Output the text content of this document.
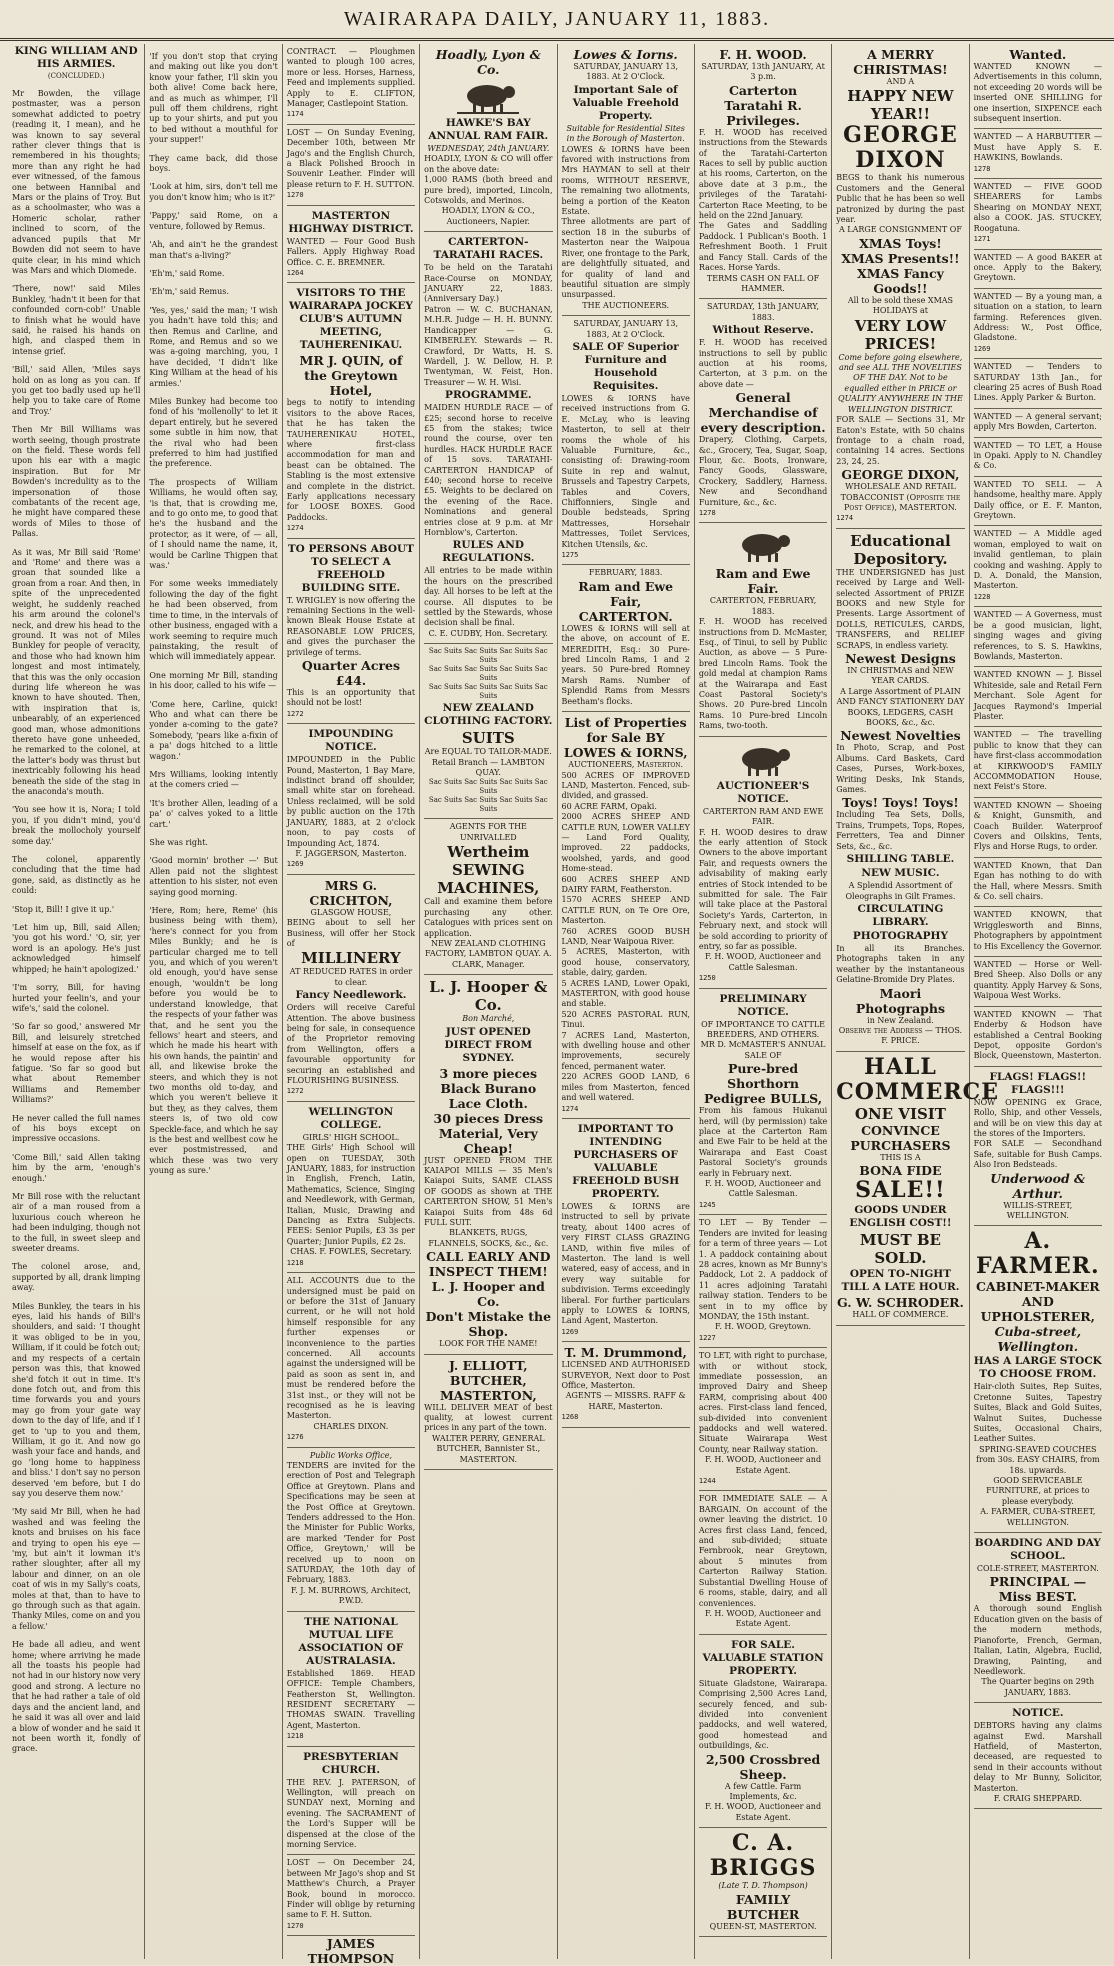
WAIRARAPA DAILY, JANUARY 11, 1883.
KING WILLIAM AND HIS ARMIES.
(CONCLUDED.)

Mr Bowden, the village postmaster, was a person somewhat addicted to poetry (reading it, I mean), and he was known to say several rather clever things that is remembered in his thoughts; more than any right he had ever witnessed, of the famous one between Hannibal and Mars or the plains of Troy. But as a schoolmaster, who was a Homeric scholar, rather inclined to scorn, of the advanced pupils that Mr Bowden did not seem to have quite clear, in his mind which was Mars and which Diomede.

'There, now!' said Miles Bunkley, 'hadn't it been for that confounded corn-cob!' Unable to finish what he would have said, he raised his hands on high, and clasped them in intense grief.

'Bill,' said Allen, 'Miles says hold on as long as you can. If you get too badly used up he'll help you to take care of Rome and Troy.'

Then Mr Bill Williams was worth seeing, though prostrate on the field. These words fell upon his ear with a magic inspiration. But for Mr Bowden's incredulity as to the impersonation of those combatants of the recent age, he might have compared these words of Miles to those of Pallas.

As it was, Mr Bill said 'Rome' and 'Rome' and there was a groan that sounded like a groan from a roar. And then, in spite of the unprecedented weight, he suddenly reached his arm around the colonel's neck, and drew his head to the ground. It was not of Miles Bunkley for people of veracity, and those who had known him longest and most intimately, that this was the only occasion during life whereon he was known to have shouted. Then, with inspiration that is, unbearably, of an experienced good man, whose admonitions thereto have gone unheeded, he remarked to the colonel, at the latter's body was thrust but inextricably following his head beneath the side of the stag in the anaconda's mouth.

'You see how it is, Nora; I told you, if you didn't mind, you'd break the mollocholy yourself some day.'

The colonel, apparently concluding that the time had gone, said, as distinctly as he could:

'Stop it, Bill! I give it up.'

'Let him up, Bill, said Allen; 'you got his word.' 'O, sir, yer word is an apology. He's just acknowledged himself whipped; he hain't apologized.'

'I'm sorry, Bill, for having hurted your feelin's, and your wife's,' said the colonel.

'So far so good,' answered Mr Bill, and leisurely stretched himself at ease on the fox, as if he would repose after his fatigue. 'So far so good but what about Remember Williams and Remember Williams?'

He never called the full names of his boys except on impressive occasions.

'Come Bill,' said Allen taking him by the arm, 'enough's enough.'

Mr Bill rose with the reluctant air of a man roused from a luxurious couch whereon he had been indulging, though not to the full, in sweet sleep and sweeter dreams.

The colonel arose, and, supported by all, drank limping away.

Miles Bunkley, the tears in his eyes, laid his hands of Bill's shoulders, and said: 'I thought it was obliged to be in you, William, if it could be fotch out; and my respects of a certain person was this, that knowed she'd fotch it out in time. It's done fotch out, and from this time forwards you and yours may go from your gate way down to the day of life, and if I get to 'up to you and them, William, it go it. And now go wash your face and hands, and go 'long home to happiness and bliss.' I don't say no person deserved 'em before, but I do say you deserve them now.'

'My said Mr Bill, when he had washed and was feeling the knots and bruises on his face and trying to open his eye — 'my, but ain't it lowman it's rather sloughter, after all my labour and dinner, on an ole coat of wis in my Sally's coats, moles at that, than to have to go through such as that again. Thanky Miles, come on and you a fellow.'

He bade all adieu, and went home; where arriving he made all the toasts his people had not had in our history now very good and strong. A lecture no that he had rather a tale of old days and the ancient land, and he said it was all over and laid a blow of wonder and he said it not been worth it, fondly of grace.

'If you don't stop that crying and making out like you don't know your father, I'll skin you both alive! Come back here, and as much as whimper, I'll pull off them childrens, right up to your shirts, and put you to bed without a mouthful for your supper!'

They came back, did those boys.

'Look at him, sirs, don't tell me you don't know him; who is it?'

'Pappy,' said Rome, on a venture, followed by Remus.

'Ah, and ain't he the grandest man that's a-living?'

'Eh'm,' said Rome.

'Eh'm,' said Remus.

'Yes, yes,' said the man; 'I wish you hadn't have told this; and then Remus and Carline, and Rome, and Remus and so we was a-going marching, you, I have decided, 'I didn't like King William at the head of his armies.'

Miles Bunkey had become too fond of his 'mollenolly' to let it depart entirely, but he severed some subtle in him now, that the rival who had been preferred to him had justified the preference.

The prospects of William Williams, he would often say, 'is that, that is crowding me, and to go onto me, to good that he's the husband and the protector, as it were, of — all, of I should name the name, it, would be Carline Thigpen that was.'

For some weeks immediately following the day of the fight he had been observed, from time to time, in the intervals of other business, engaged with a work seeming to require much painstaking, the result of which will immediately appear.

One morning Mr Bill, standing in his door, called to his wife —

'Come here, Carline, quick! Who and what can there be yonder a-coming to the gate? Somebody, 'pears like a-fixin of a pa' dogs hitched to a little wagon.'

Mrs Williams, looking intently at the comers cried —

'It's brother Allen, leading of a pa' o' calves yoked to a little cart.'

She was right.

'Good mornin' brother —' But Allen paid not the slightest attention to his sister, not even saying good morning.

'Here, Rom; here, Reme' (his business being with them), 'here's connect for you from Miles Bunkly; and he is particular charged me to tell you, and which of you weren't old enough, you'd have sense enough, 'wouldn't be long before you would be to understand knowledge, that the respects of your father was that, and he sent you the fellows' heart and steers, and which he made his heart with his own hands, the paintin' and all, and likewise broke the steers, and which they is not two months old to-day, and which you weren't believe it but they, as they calves, them steers is, of two old cow Speckle-face, and which he say is the best and wellbest cow he ever postmistressed, and which these was two very young as sure.'

CONTRACT. — Ploughmen wanted to plough 100 acres, more or less. Horses, Harness, Feed and implements supplied. Apply to E. CLIFTON, Manager, Castlepoint Station.
1174
LOST — On Sunday Evening, December 10th, between Mr Jago's and the English Church, a Black Polished Brooch in Souvenir Leather. Finder will please return to F. H. SUTTON.
1270
MASTERTON HIGHWAY DISTRICT.
WANTED — Four Good Bush Fallers. Apply Highway Road Office. C. E. BREMNER.
1264
VISITORS TO THE WAIRARAPA JOCKEY CLUB'S AUTUMN MEETING, TAUHERENIKAU.
MR J. QUIN, of the Greytown Hotel,
begs to notify to intending visitors to the above Races, that he has taken the TAUHERENIKAU HOTEL, where first-class accommodation for man and beast can be obtained. The Stabling is the most extensive and complete in the district. Early applications necessary for LOOSE BOXES. Good Paddocks.
1274
TO PERSONS ABOUT TO SELECT A FREEHOLD BUILDING SITE.
T. WRIGLEY is now offering the remaining Sections in the well-known Bleak House Estate at REASONABLE LOW PRICES, and gives the purchaser the privilege of terms.
Quarter Acres £44.
This is an opportunity that should not be lost!
1272
IMPOUNDING NOTICE.
IMPOUNDED in the Public Pound, Masterton, 1 Bay Mare, indistinct brand off shoulder, small white star on forehead. Unless reclaimed, will be sold by public auction on the 17th JANUARY, 1883, at 2 o'clock noon, to pay costs of Impounding Act, 1874.
F. JAGGERSON, Masterton.
1269
MRS G. CRICHTON,
GLASGOW HOUSE,
BEING about to sell her Business, will offer her Stock of
MILLINERY
AT REDUCED RATES in order to clear.
Fancy Needlework.
Orders will receive Careful Attention. The above business being for sale, in consequence of the Proprietor removing from Wellington, offers a favourable opportunity for securing an established and FLOURISHING BUSINESS.
1272
WELLINGTON COLLEGE.
GIRLS' HIGH SCHOOL.
THE Girls' High School will open on TUESDAY, 30th JANUARY, 1883, for instruction in English, French, Latin, Mathematics, Science, Singing and Needlework, with German, Italian, Music, Drawing and Dancing as Extra Subjects. FEES: Senior Pupils, £3 3s per Quarter; Junior Pupils, £2 2s.
CHAS. F. FOWLES, Secretary.
1218
ALL ACCOUNTS due to the undersigned must be paid on or before the 31st of January current, or he will not hold himself responsible for any further expenses or inconvenience to the parties concerned. All accounts against the undersigned will be paid as soon as sent in, and must be rendered before the 31st inst., or they will not be recognised as he is leaving Masterton.
CHARLES DIXON.
1276
Public Works Office,
TENDERS are invited for the erection of Post and Telegraph Office at Greytown. Plans and Specifications may be seen at the Post Office at Greytown. Tenders addressed to the Hon. the Minister for Public Works, are marked 'Tender for Post Office, Greytown,' will be received up to noon on SATURDAY, the 10th day of February, 1883.
F. J. M. BURROWS, Architect, P.W.D.
THE NATIONAL MUTUAL LIFE ASSOCIATION OF AUSTRALASIA.
Established 1869. HEAD OFFICE: Temple Chambers, Featherston St, Wellington. RESIDENT SECRETARY — THOMAS SWAIN. Travelling Agent, Masterton.
1218
PRESBYTERIAN CHURCH.
THE REV. J. PATERSON, of Wellington, will preach on SUNDAY next, Morning and evening. The SACRAMENT of the Lord's Supper will be dispensed at the close of the morning Service.
LOST — On December 24, between Mr Jago's shop and St Matthew's Church, a Prayer Book, bound in morocco. Finder will oblige by returning same to F. H. Sutton.
1270
JAMES THOMPSON
Hoadly, Lyon & Co.
HAWKE'S BAY ANNUAL RAM FAIR.
WEDNESDAY, 24th JANUARY.
HOADLY, LYON & CO will offer on the above date:
1,000 RAMS (both breed and pure bred), imported, Lincoln, Cotswolds, and Merinos.
HOADLY, LYON & CO., Auctioneers, Napier.
CARTERTON-TARATAHI RACES.
To be held on the Taratahi Race-Course on MONDAY, JANUARY 22, 1883. (Anniversary Day.)
Patron — W. C. BUCHANAN, M.H.R. Judge — H. H. BUNNY. Handicapper — G. KIMBERLEY. Stewards — R. Crawford, Dr Watts, H. S. Wardell, J. W. Dellow, H. P. Twentyman, W. Feist, Hon. Treasurer — W. H. Wisi.
PROGRAMME.
MAIDEN HURDLE RACE — of £25; second horse to receive £5 from the stakes; twice round the course, over ten hurdles. HACK HURDLE RACE of 15 sovs. TARATAHI-CARTERTON HANDICAP of £40; second horse to receive £5. Weights to be declared on the evening of the Race. Nominations and general entries close at 9 p.m. at Mr Hornblow's, Carterton.
RULES AND REGULATIONS.
All entries to be made within the hours on the prescribed day. All horses to be left at the course. All disputes to be settled by the Stewards, whose decision shall be final.
C. E. CUDBY, Hon. Secretary.
Sac Suits Sac Suits Sac Suits Sac Suits
Sac Suits Sac Suits Sac Suits Sac Suits
Sac Suits Sac Suits Sac Suits Sac Suits
NEW ZEALAND CLOTHING FACTORY.
SUITS
Are EQUAL TO TAILOR-MADE.
Retail Branch — LAMBTON QUAY.
Sac Suits Sac Suits Sac Suits Sac Suits
Sac Suits Sac Suits Sac Suits Sac Suits
AGENTS FOR THE UNRIVALLED
Wertheim SEWING MACHINES,
Call and examine them before purchasing any other. Catalogues with prices sent on application.
NEW ZEALAND CLOTHING FACTORY, LAMBTON QUAY. A. CLARK, Manager.
L. J. Hooper & Co.
Bon Marché,
JUST OPENED DIRECT FROM SYDNEY.
3 more pieces Black Burano Lace Cloth.
30 pieces Dress Material, Very Cheap!
JUST OPENED FROM THE KAIAPOI MILLS — 35 Men's Kaiapoi Suits, SAME CLASS OF GOODS as shown at THE CARTERTON SHOW, 51 Men's Kaiapoi Suits from 48s 6d FULL SUIT.
BLANKETS, RUGS, FLANNELS, SOCKS, &c., &c.
CALL EARLY AND INSPECT THEM!
L. J. Hooper and Co.
Don't Mistake the Shop.
LOOK FOR THE NAME!
J. ELLIOTT, BUTCHER, MASTERTON,
WILL DELIVER MEAT of best quality, at lowest current prices in any part of the town.
WALTER PERRY, GENERAL BUTCHER, Bannister St., MASTERTON.
Lowes & Iorns.
SATURDAY, JANUARY 13, 1883. At 2 O'Clock.
Important Sale of Valuable Freehold Property.
Suitable for Residential Sites in the Borough of Masterton.
LOWES & IORNS have been favored with instructions from Mrs HAYMAN to sell at their rooms, WITHOUT RESERVE, The remaining two allotments, being a portion of the Keaton Estate.
Three allotments are part of section 18 in the suburbs of Masterton near the Waipoua River, one frontage to the Park, are delightfully situated, and for quality of land and beautiful situation are simply unsurpassed.
THE AUCTIONEERS.
SATURDAY, JANUARY 13, 1883, At 2 O'Clock.
SALE OF Superior Furniture and Household Requisites.
LOWES & IORNS have received instructions from G. E. McLay, who is leaving Masterton, to sell at their rooms the whole of his Valuable Furniture, &c., consisting of: Drawing-room Suite in rep and walnut, Brussels and Tapestry Carpets, Tables and Covers, Chiffonniers, Single and Double bedsteads, Spring Mattresses, Horsehair Mattresses, Toilet Services, Kitchen Utensils, &c.
1275
FEBRUARY, 1883.
Ram and Ewe Fair, CARTERTON.
LOWES & IORNS will sell at the above, on account of E. MEREDITH, Esq.: 30 Pure-bred Lincoln Rams, 1 and 2 years. 50 Pure-bred Romney Marsh Rams. Number of Splendid Rams from Messrs Beetham's flocks.
List of Properties for Sale BY LOWES & IORNS,
AUCTIONEERS, Masterton.
500 ACRES OF IMPROVED LAND, Masterton. Fenced, sub-divided, and grassed.
60 ACRE FARM, Opaki.
2000 ACRES SHEEP AND CATTLE RUN, LOWER VALLEY — Land Ford Quality, improved. 22 paddocks, woolshed, yards, and good Home-stead.
600 ACRES SHEEP AND DAIRY FARM, Featherston.
1570 ACRES SHEEP AND CATTLE RUN, on Te Ore Ore, Masterton.
760 ACRES GOOD BUSH LAND, Near Waipoua River.
5 ACRES, Masterton, with good house, conservatory, stable, dairy, garden.
5 ACRES LAND, Lower Opaki, MASTERTON, with good house and stable.
520 ACRES PASTORAL RUN, Tinui.
7 ACRES Land, Masterton, with dwelling house and other improvements, securely fenced, permanent water.
220 ACRES GOOD LAND, 6 miles from Masterton, fenced and well watered.
1274
IMPORTANT TO INTENDING PURCHASERS OF VALUABLE FREEHOLD BUSH PROPERTY.
LOWES & IORNS are instructed to sell by private treaty, about 1400 acres of very FIRST CLASS GRAZING LAND, within five miles of Masterton. The land is well watered, easy of access, and in every way suitable for subdivision. Terms exceedingly liberal. For further particulars apply to LOWES & IORNS, Land Agent, Masterton.
1269
T. M. Drummond,
LICENSED AND AUTHORISED SURVEYOR, Next door to Post Office, Masterton.
AGENTS — MISSRS. RAFF & HARE, Masterton.
1268
F. H. WOOD.
SATURDAY, 13th JANUARY, At 3 p.m.
Carterton Taratahi R. Privileges.
F. H. WOOD has received instructions from the Stewards of the Taratahi-Carterton Races to sell by public auction at his rooms, Carterton, on the above date at 3 p.m., the privileges of the Taratahi-Carterton Race Meeting, to be held on the 22nd January.
The Gates and Saddling Paddock. 1 Publican's Booth. 1 Refreshment Booth. 1 Fruit and Fancy Stall. Cards of the Races. Horse Yards.
TERMS CASH ON FALL OF HAMMER.
SATURDAY, 13th JANUARY, 1883.
Without Reserve.
F. H. WOOD has received instructions to sell by public auction at his rooms, Carterton, at 3 p.m. on the above date —
General Merchandise of every description.
Drapery, Clothing, Carpets, &c., Grocery, Tea, Sugar, Soap, Flour, &c. Boots, Ironware, Fancy Goods, Glassware, Crockery, Saddlery, Harness. New and Secondhand Furniture, &c., &c.
1278
Ram and Ewe Fair.
CARTERTON, FEBRUARY, 1883.
F. H. WOOD has received instructions from D. McMaster, Esq., of Tinui, to sell by Public Auction, as above — 5 Pure-bred Lincoln Rams. Took the gold medal at champion Rams at the Wairarapa and East Coast Pastoral Society's Shows. 20 Pure-bred Lincoln Rams. 10 Pure-bred Lincoln Rams, two-tooth.
AUCTIONEER'S NOTICE.
CARTERTON RAM AND EWE FAIR.
F. H. WOOD desires to draw the early attention of Stock Owners to the above important Fair, and requests owners the advisability of making early entries of Stock intended to be submitted for sale. The Fair will take place at the Pastoral Society's Yards, Carterton, in February next, and stock will be sold according to priority of entry, so far as possible.
F. H. WOOD, Auctioneer and Cattle Salesman.
1250
PRELIMINARY NOTICE.
OF IMPORTANCE TO CATTLE BREEDERS, AND OTHERS.
MR D. McMASTER'S ANNUAL SALE OF
Pure-bred Shorthorn Pedigree BULLS,
From his famous Hukanui herd, will (by permission) take place at the Carterton Ram and Ewe Fair to be held at the Wairarapa and East Coast Pastoral Society's grounds early in February next.
F. H. WOOD, Auctioneer and Cattle Salesman.
1245
TO LET — By Tender — Tenders are invited for leasing for a term of three years — Lot 1. A paddock containing about 28 acres, known as Mr Bunny's Paddock, Lot 2. A paddock of 11 acres adjoining Taratahi railway station. Tenders to be sent in to my office by MONDAY, the 15th instant.
F. H. WOOD, Greytown.
1227
TO LET, with right to purchase, with or without stock, immediate possession, an improved Dairy and Sheep FARM, comprising about 400 acres. First-class land fenced, sub-divided into convenient paddocks and well watered. Situate Wairarapa West County, near Railway station.
F. H. WOOD, Auctioneer and Estate Agent.
1244
FOR IMMEDIATE SALE — A BARGAIN. On account of the owner leaving the district. 10 Acres first class Land, fenced, and sub-divided; situate Fernbrook, near Greytown, about 5 minutes from Carterton Railway Station. Substantial Dwelling House of 6 rooms, stable, dairy, and all conveniences.
F. H. WOOD, Auctioneer and Estate Agent.
FOR SALE. VALUABLE STATION PROPERTY.
Situate Gladstone, Wairarapa. Comprising 2,500 Acres Land, securely fenced, and sub-divided into convenient paddocks, and well watered, good homestead and outbuildings, &c.
2,500 Crossbred Sheep.
A few Cattle. Farm Implements, &c.
F. H. WOOD, Auctioneer and Estate Agent.
C. A. BRIGGS
(Late T. D. Thompson)
FAMILY BUTCHER
QUEEN-ST, MASTERTON.
A MERRY CHRISTMAS!
AND A
HAPPY NEW YEAR!!
GEORGE DIXON
BEGS to thank his numerous Customers and the General Public that he has been so well patronized by during the past year.
A LARGE CONSIGNMENT OF
XMAS Toys!
XMAS Presents!!
XMAS Fancy Goods!!
All to be sold these XMAS HOLIDAYS at
VERY LOW PRICES!
Come before going elsewhere, and see ALL THE NOVELTIES OF THE DAY. Not to be equalled either in PRICE or QUALITY ANYWHERE IN THE WELLINGTON DISTRICT.
FOR SALE — Sections 31, Mr Eaton's Estate, with 50 chains frontage to a chain road, containing 14 acres. Sections 23, 24, 25.
GEORGE DIXON,
WHOLESALE AND RETAIL TOBACCONIST (Opposite the Post Office), MASTERTON.
1274
Educational Depository.
THE UNDERSIGNED has just received by Large and Well-selected Assortment of PRIZE BOOKS and new Style for Presents. Large Assortment of DOLLS, RETICULES, CARDS, TRANSFERS, and RELIEF SCRAPS, in endless variety.
Newest Designs
IN CHRISTMAS and NEW YEAR CARDS.
A Large Assortment of PLAIN AND FANCY STATIONERY DAY BOOKS, LEDGERS, CASH BOOKS, &c., &c.
Newest Novelties
In Photo, Scrap, and Post Albums. Card Baskets, Card Cases, Purses, Work-boxes, Writing Desks, Ink Stands, Games.
Toys! Toys! Toys!
Including Tea Sets, Dolls, Trains, Trumpets, Tops, Ropes, Ferretters, Tea and Dinner Sets, &c., &c.
SHILLING TABLE.
NEW MUSIC.
A Splendid Assortment of Oleographs in Gilt Frames.
CIRCULATING LIBRARY.
PHOTOGRAPHY
In all its Branches. Photographs taken in any weather by the instantaneous Gelatine-Bromide Dry Plates.
Maori Photographs
in New Zealand.
Observe the Address — THOS. F. PRICE.
HALL
COMMERCE
ONE VISIT
CONVINCE PURCHASERS
THIS IS A
BONA FIDE
SALE!!
GOODS UNDER ENGLISH COST!!
MUST BE SOLD.
OPEN TO-NIGHT TILL A LATE HOUR.
G. W. SCHRODER.
HALL OF COMMERCE.
Wanted.
WANTED KNOWN — Advertisements in this column, not exceeding 20 words will be inserted ONE SHILLING for one insertion, SIXPENCE each subsequent insertion.
WANTED — A HARBUTTER — Must have Apply S. E. HAWKINS, Bowlands.
1278
WANTED — FIVE GOOD SHEARERS for Lambs Shearing on MONDAY NEXT, also a COOK. JAS. STUCKEY, Roogatuna.
1271
WANTED — A good BAKER at once. Apply to the Bakery, Greytown.
WANTED — By a young man, a situation on a station, to learn farming. References given. Address: W., Post Office, Gladstone.
1269
WANTED — Tenders to SATURDAY 13th Jan., for clearing 25 acres of Bush Road Lines. Apply Parker & Burton.
WANTED — A general servant; apply Mrs Bowden, Carterton.
WANTED — TO LET, a House in Opaki. Apply to N. Chandley & Co.
WANTED TO SELL — A handsome, healthy mare. Apply Daily office, or E. F. Manton, Greytown.
WANTED — A Middle aged woman, employed to wait on invalid gentleman, to plain cooking and washing. Apply to D. A. Donald, the Mansion, Masterton.
1228
WANTED — A Governess, must be a good musician, light, singing wages and giving references, to S. S. Hawkins, Bowlands, Masterton.
WANTED KNOWN — J. Bissel Whiteside, sale and Retail Fern Merchant. Sole Agent for Jacques Raymond's Imperial Plaster.
WANTED — The travelling public to know that they can have first-class accommodation at KIRKWOOD'S FAMILY ACCOMMODATION House, next Feist's Store.
WANTED KNOWN — Shoeing & Knight, Gunsmith, and Coach Builder. Waterproof Covers and Oilskins, Tents, Flys and Horse Rugs, to order.
WANTED Known, that Dan Egan has nothing to do with the Hall, where Messrs. Smith & Co. sell chairs.
WANTED KNOWN, that Wrigglesworth and Binns, Photographers by appointment to His Excellency the Governor.
WANTED — Horse or Well-Bred Sheep. Also Dolls or any quantity. Apply Harvey & Sons, Waipoua West Works.
WANTED KNOWN — That Enderby & Hodson have established a Central Booking Depot, opposite Gordon's Block, Queenstown, Masterton.
FLAGS! FLAGS!! FLAGS!!!
NOW OPENING ex Grace, Rollo, Ship, and other Vessels, and will be on view this day at the stores of the Importers.
FOR SALE — Secondhand Safe, suitable for Bush Camps. Also Iron Bedsteads.
Underwood & Arthur.
WILLIS-STREET, WELLINGTON.
A. FARMER.
CABINET-MAKER AND UPHOLSTERER,
Cuba-street, Wellington.
HAS A LARGE STOCK TO CHOOSE FROM.
Hair-cloth Suites, Rep Suites, Cretonne Suites, Tapestry Suites, Black and Gold Suites, Walnut Suites, Duchesse Suites, Occasional Chairs, Leather Suites.
SPRING-SEAVED COUCHES from 30s. EASY CHAIRS, from 18s. upwards.
GOOD SERVICEABLE FURNITURE, at prices to please everybody.
A. FARMER, CUBA-STREET, WELLINGTON.
BOARDING AND DAY SCHOOL.
COLE-STREET, MASTERTON.
PRINCIPAL — Miss BEST.
A thorough sound English Education given on the basis of the modern methods, Pianoforte, French, German, Italian, Latin, Algebra, Euclid, Drawing, Painting, and Needlework.
The Quarter begins on 29th JANUARY, 1883.
NOTICE.
DEBTORS having any claims against Ewd. Marshall Hatfield, of Masterton, deceased, are requested to send in their accounts without delay to Mr Bunny, Solicitor, Masterton.
F. CRAIG SHEPPARD.
